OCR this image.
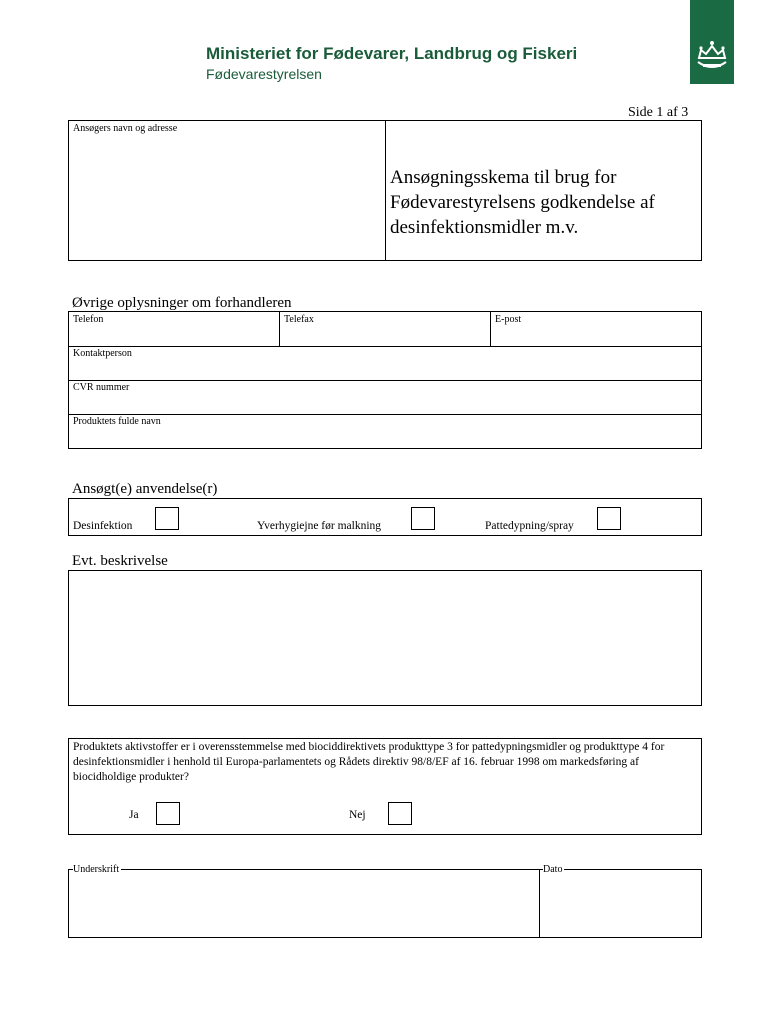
Ministeriet for Fødevarer, Landbrug og Fiskeri
Fødevarestyrelsen
Side 1 af 3
Ansøgers navn og adresse
Ansøgningsskema til brug for Fødevarestyrelsens godkendelse af desinfektionsmidler m.v.
Øvrige oplysninger om forhandleren
Telefon	Telefax	E-post
Kontaktperson
CVR nummer
Produktets fulde navn
Ansøgt(e) anvendelse(r)
Desinfektion	Yverhygiejne før malkning	Pattedypning/spray
Evt. beskrivelse
Produktets aktivstoffer er i overensstemmelse med biociddirektivets produkttype 3 for pattedypningsmidler og produkttype 4 for desinfektionsmidler i henhold til Europa-parlamentets og Rådets direktiv 98/8/EF af 16. februar 1998 om markedsføring af biocidholdige produkter?
Ja	Nej
Underskrift	Dato
